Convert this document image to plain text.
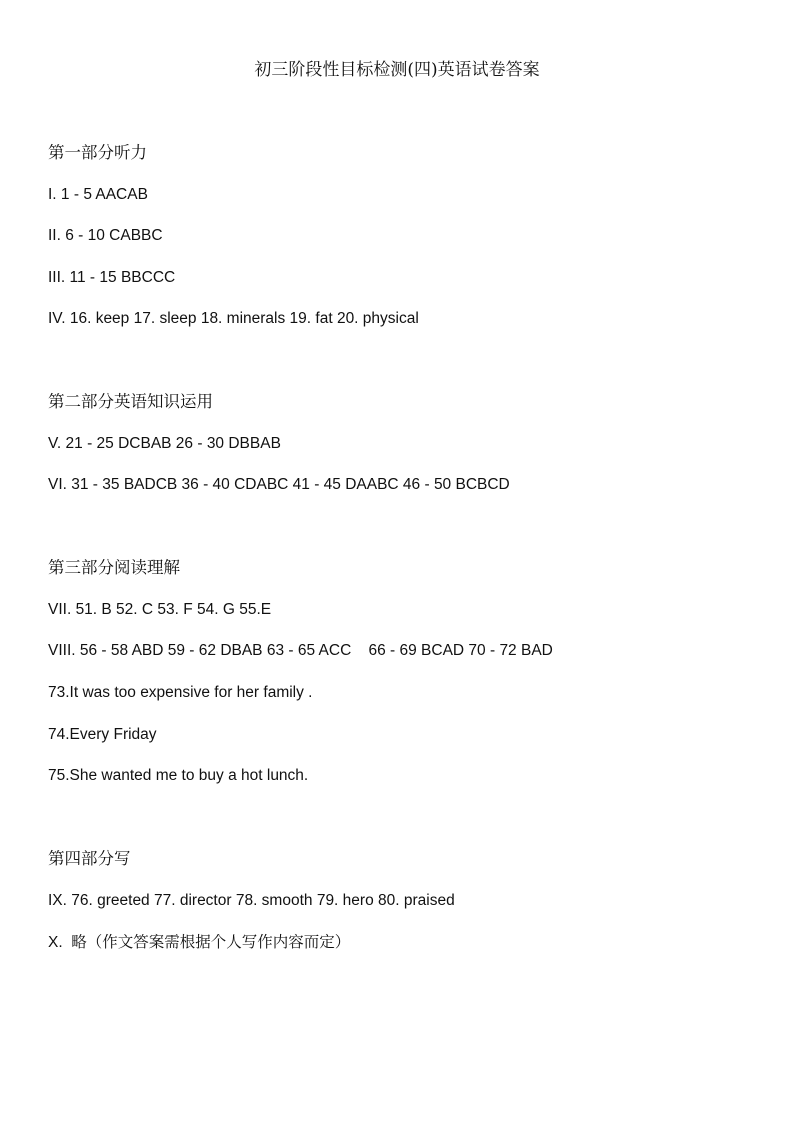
初三阶段性目标检测(四)英语试卷答案
第一部分听力
I. 1 - 5 AACAB
II. 6 - 10 CABBC
III. 11 - 15 BBCCC
IV. 16. keep 17. sleep 18. minerals 19. fat 20. physical
第二部分英语知识运用
V. 21 - 25 DCBAB 26 - 30 DBBAB
VI. 31 - 35 BADCB 36 - 40 CDABC 41 - 45 DAABC 46 - 50 BCBCD
第三部分阅读理解
VII. 51. B 52. C 53. F 54. G 55.E
VIII. 56 - 58 ABD 59 - 62 DBAB 63 - 65 ACC    66 - 69 BCAD 70 - 72 BAD
73.It was too expensive for her family .
74.Every Friday
75.She wanted me to buy a hot lunch.
第四部分写
IX. 76. greeted 77. director 78. smooth 79. hero 80. praised
X.  略（作文答案需根据个人写作内容而定）
